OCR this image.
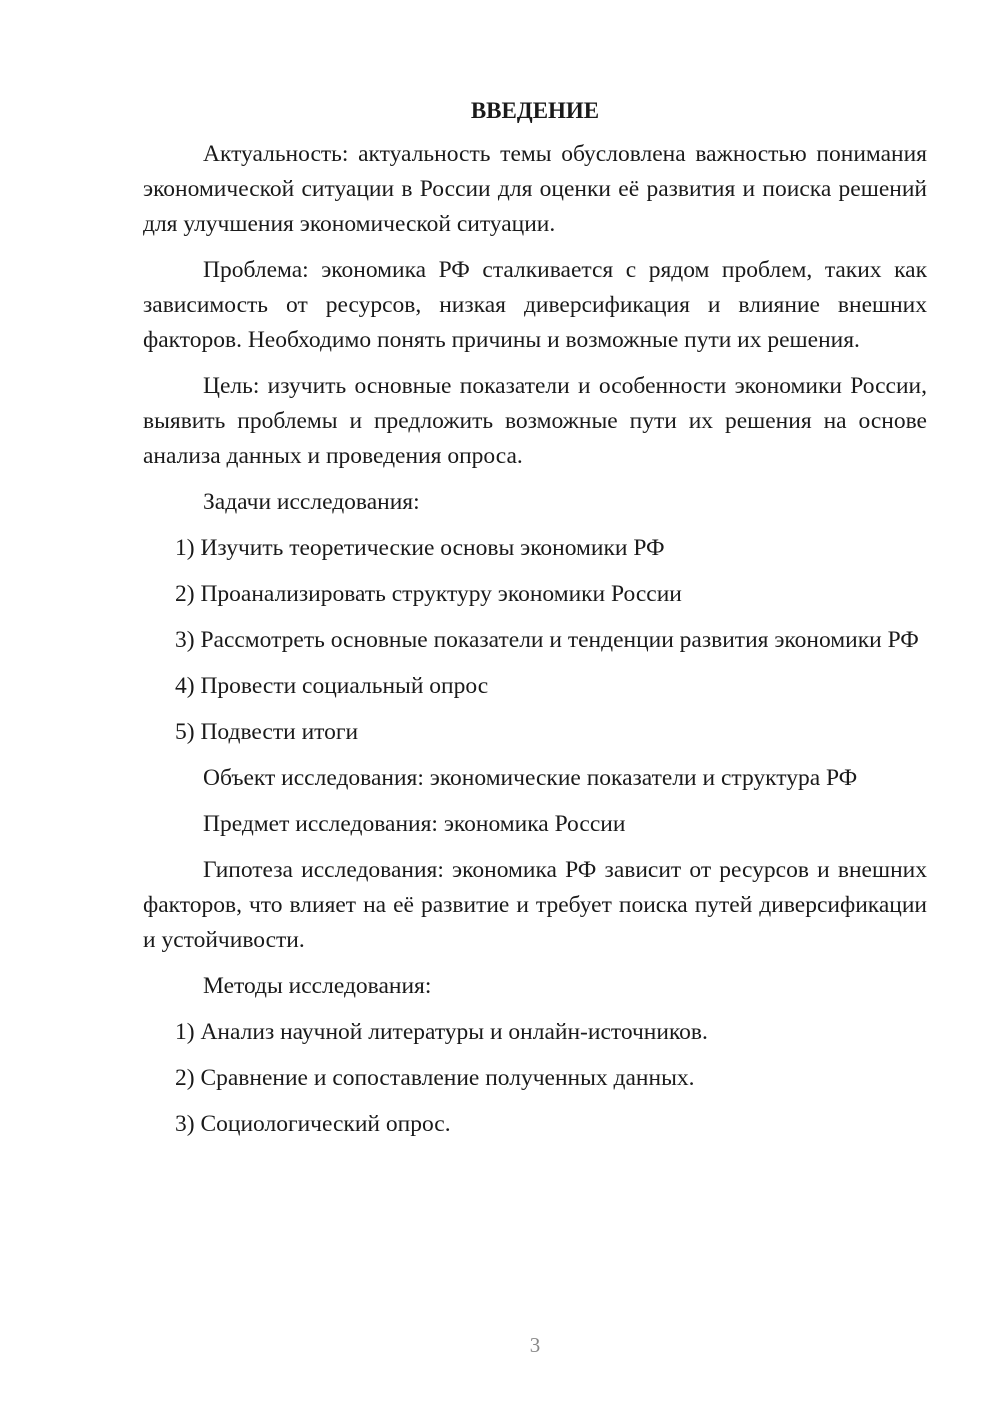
ВВЕДЕНИЕ

Актуальность: актуальность темы обусловлена важностью понимания экономической ситуации в России для оценки её развития и поиска решений для улучшения экономической ситуации.

Проблема: экономика РФ сталкивается с рядом проблем, таких как зависимость от ресурсов, низкая диверсификация и влияние внешних факторов. Необходимо понять причины и возможные пути их решения.

Цель: изучить основные показатели и особенности экономики России, выявить проблемы и предложить возможные пути их решения на основе анализа данных и проведения опроса.

Задачи исследования:

1) Изучить теоретические основы экономики РФ

2) Проанализировать структуру экономики России

3) Рассмотреть основные показатели и тенденции развития экономики РФ

4) Провести социальный опрос

5) Подвести итоги

Объект исследования: экономические показатели и структура РФ

Предмет исследования: экономика России

Гипотеза исследования: экономика РФ зависит от ресурсов и внешних факторов, что влияет на её развитие и требует поиска путей диверсификации и устойчивости.

Методы исследования:

1) Анализ научной литературы и онлайн-источников.

2) Сравнение и сопоставление полученных данных.

3) Социологический опрос.

3
